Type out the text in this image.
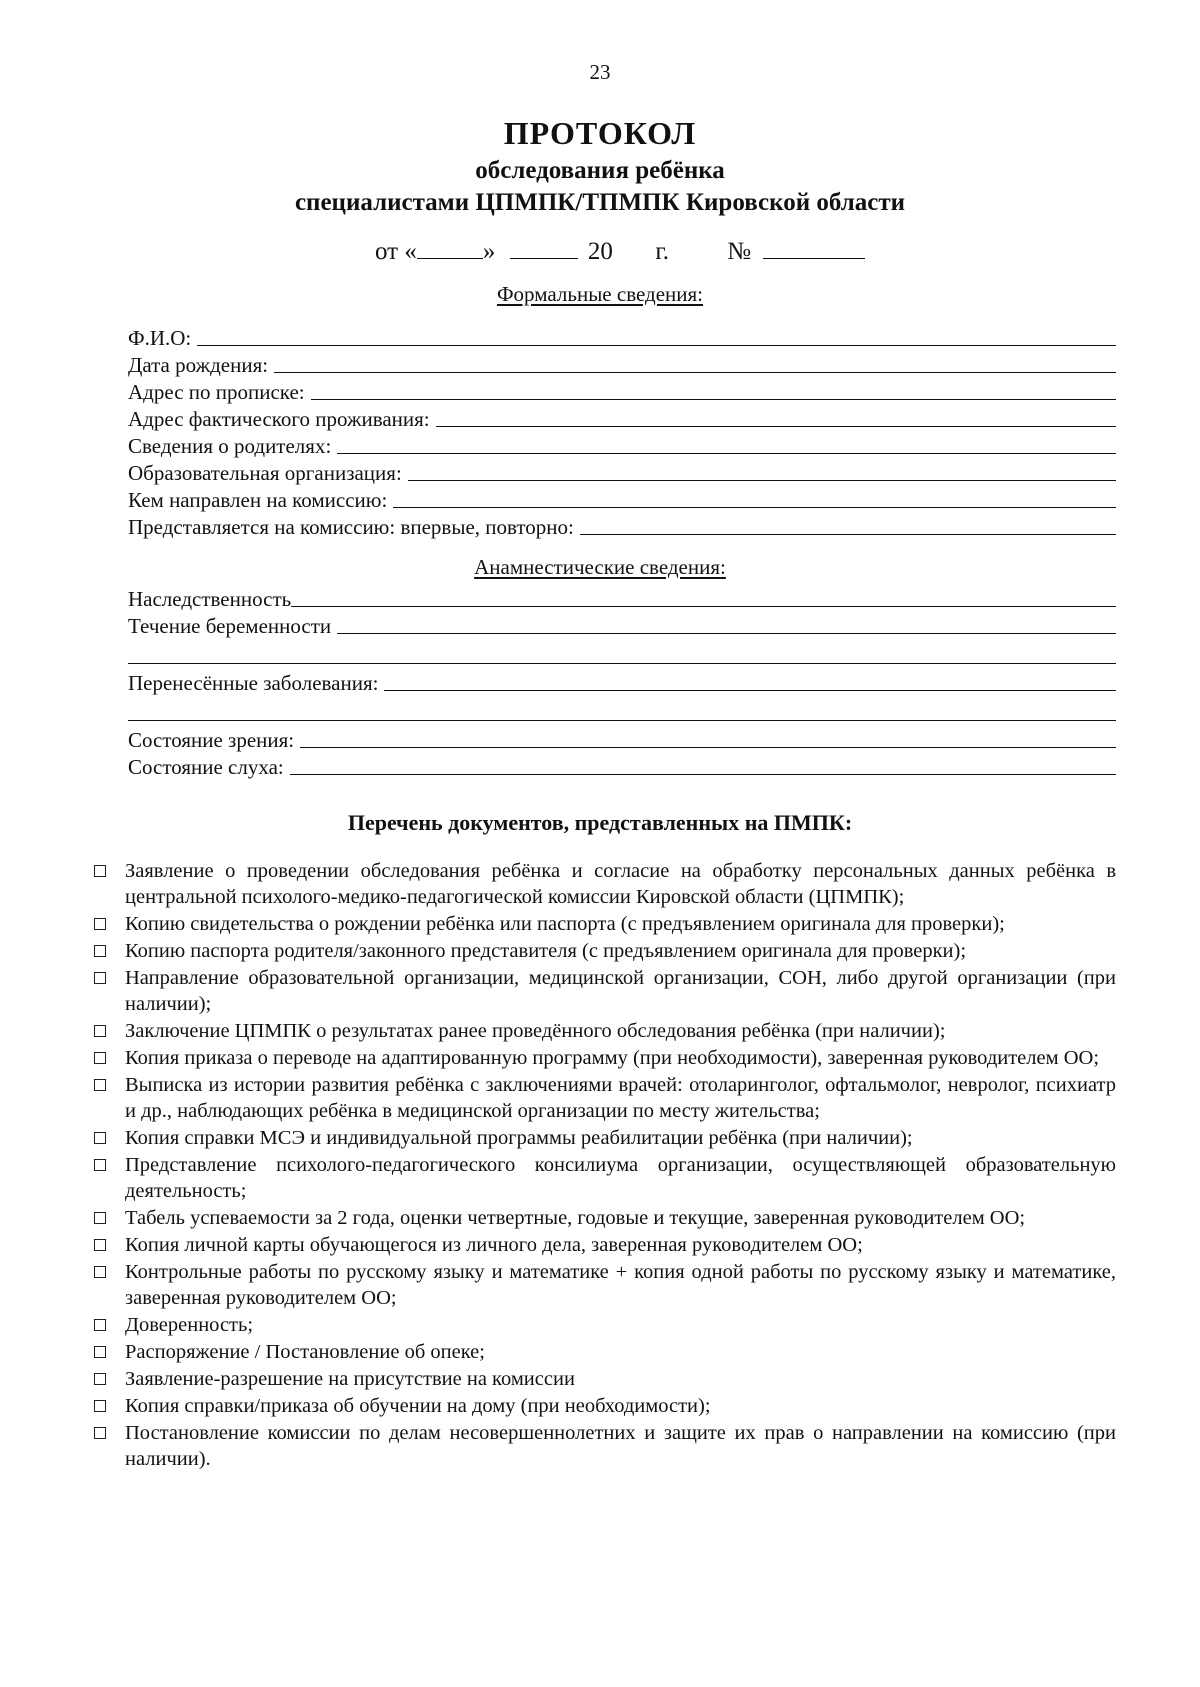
23
ПРОТОКОЛ
обследования ребёнка
специалистами ЦПМПК/ТПМПК Кировской области
от «	»	20 г. №
Формальные сведения:
Ф.И.О:
Дата рождения:
Адрес по прописке:
Адрес фактического проживания:
Сведения о родителях:
Образовательная организация:
Кем направлен на комиссию:
Представляется на комиссию: впервые, повторно:
Анамнестические сведения:
Наследственность
Течение беременности
Перенесённые заболевания:
Состояние зрения:
Состояние слуха:
Перечень документов, представленных на ПМПК:
Заявление о проведении обследования ребёнка и согласие на обработку персональных данных ребёнка в центральной психолого-медико-педагогической комиссии Кировской области (ЦПМПК);
Копию свидетельства о рождении ребёнка или паспорта (с предъявлением оригинала для проверки);
Копию паспорта родителя/законного представителя (с предъявлением оригинала для проверки);
Направление образовательной организации, медицинской организации, СОН, либо другой организации (при наличии);
Заключение ЦПМПК о результатах ранее проведённого обследования ребёнка (при наличии);
Копия приказа о переводе на адаптированную программу (при необходимости), заверенная руководителем ОО;
Выписка из истории развития ребёнка с заключениями врачей: отоларинголог, офтальмолог, невролог, психиатр и др., наблюдающих ребёнка в медицинской организации по месту жительства;
Копия справки МСЭ и индивидуальной программы реабилитации ребёнка (при наличии);
Представление психолого-педагогического консилиума организации, осуществляющей образовательную деятельность;
Табель успеваемости за 2 года, оценки четвертные, годовые и текущие, заверенная руководителем ОО;
Копия личной карты обучающегося из личного дела, заверенная руководителем ОО;
Контрольные работы по русскому языку и математике + копия одной работы по русскому языку и математике, заверенная руководителем ОО;
Доверенность;
Распоряжение / Постановление об опеке;
Заявление-разрешение на присутствие на комиссии
Копия справки/приказа об обучении на дому (при необходимости);
Постановление комиссии по делам несовершеннолетних и защите их прав о направлении на комиссию (при наличии).
